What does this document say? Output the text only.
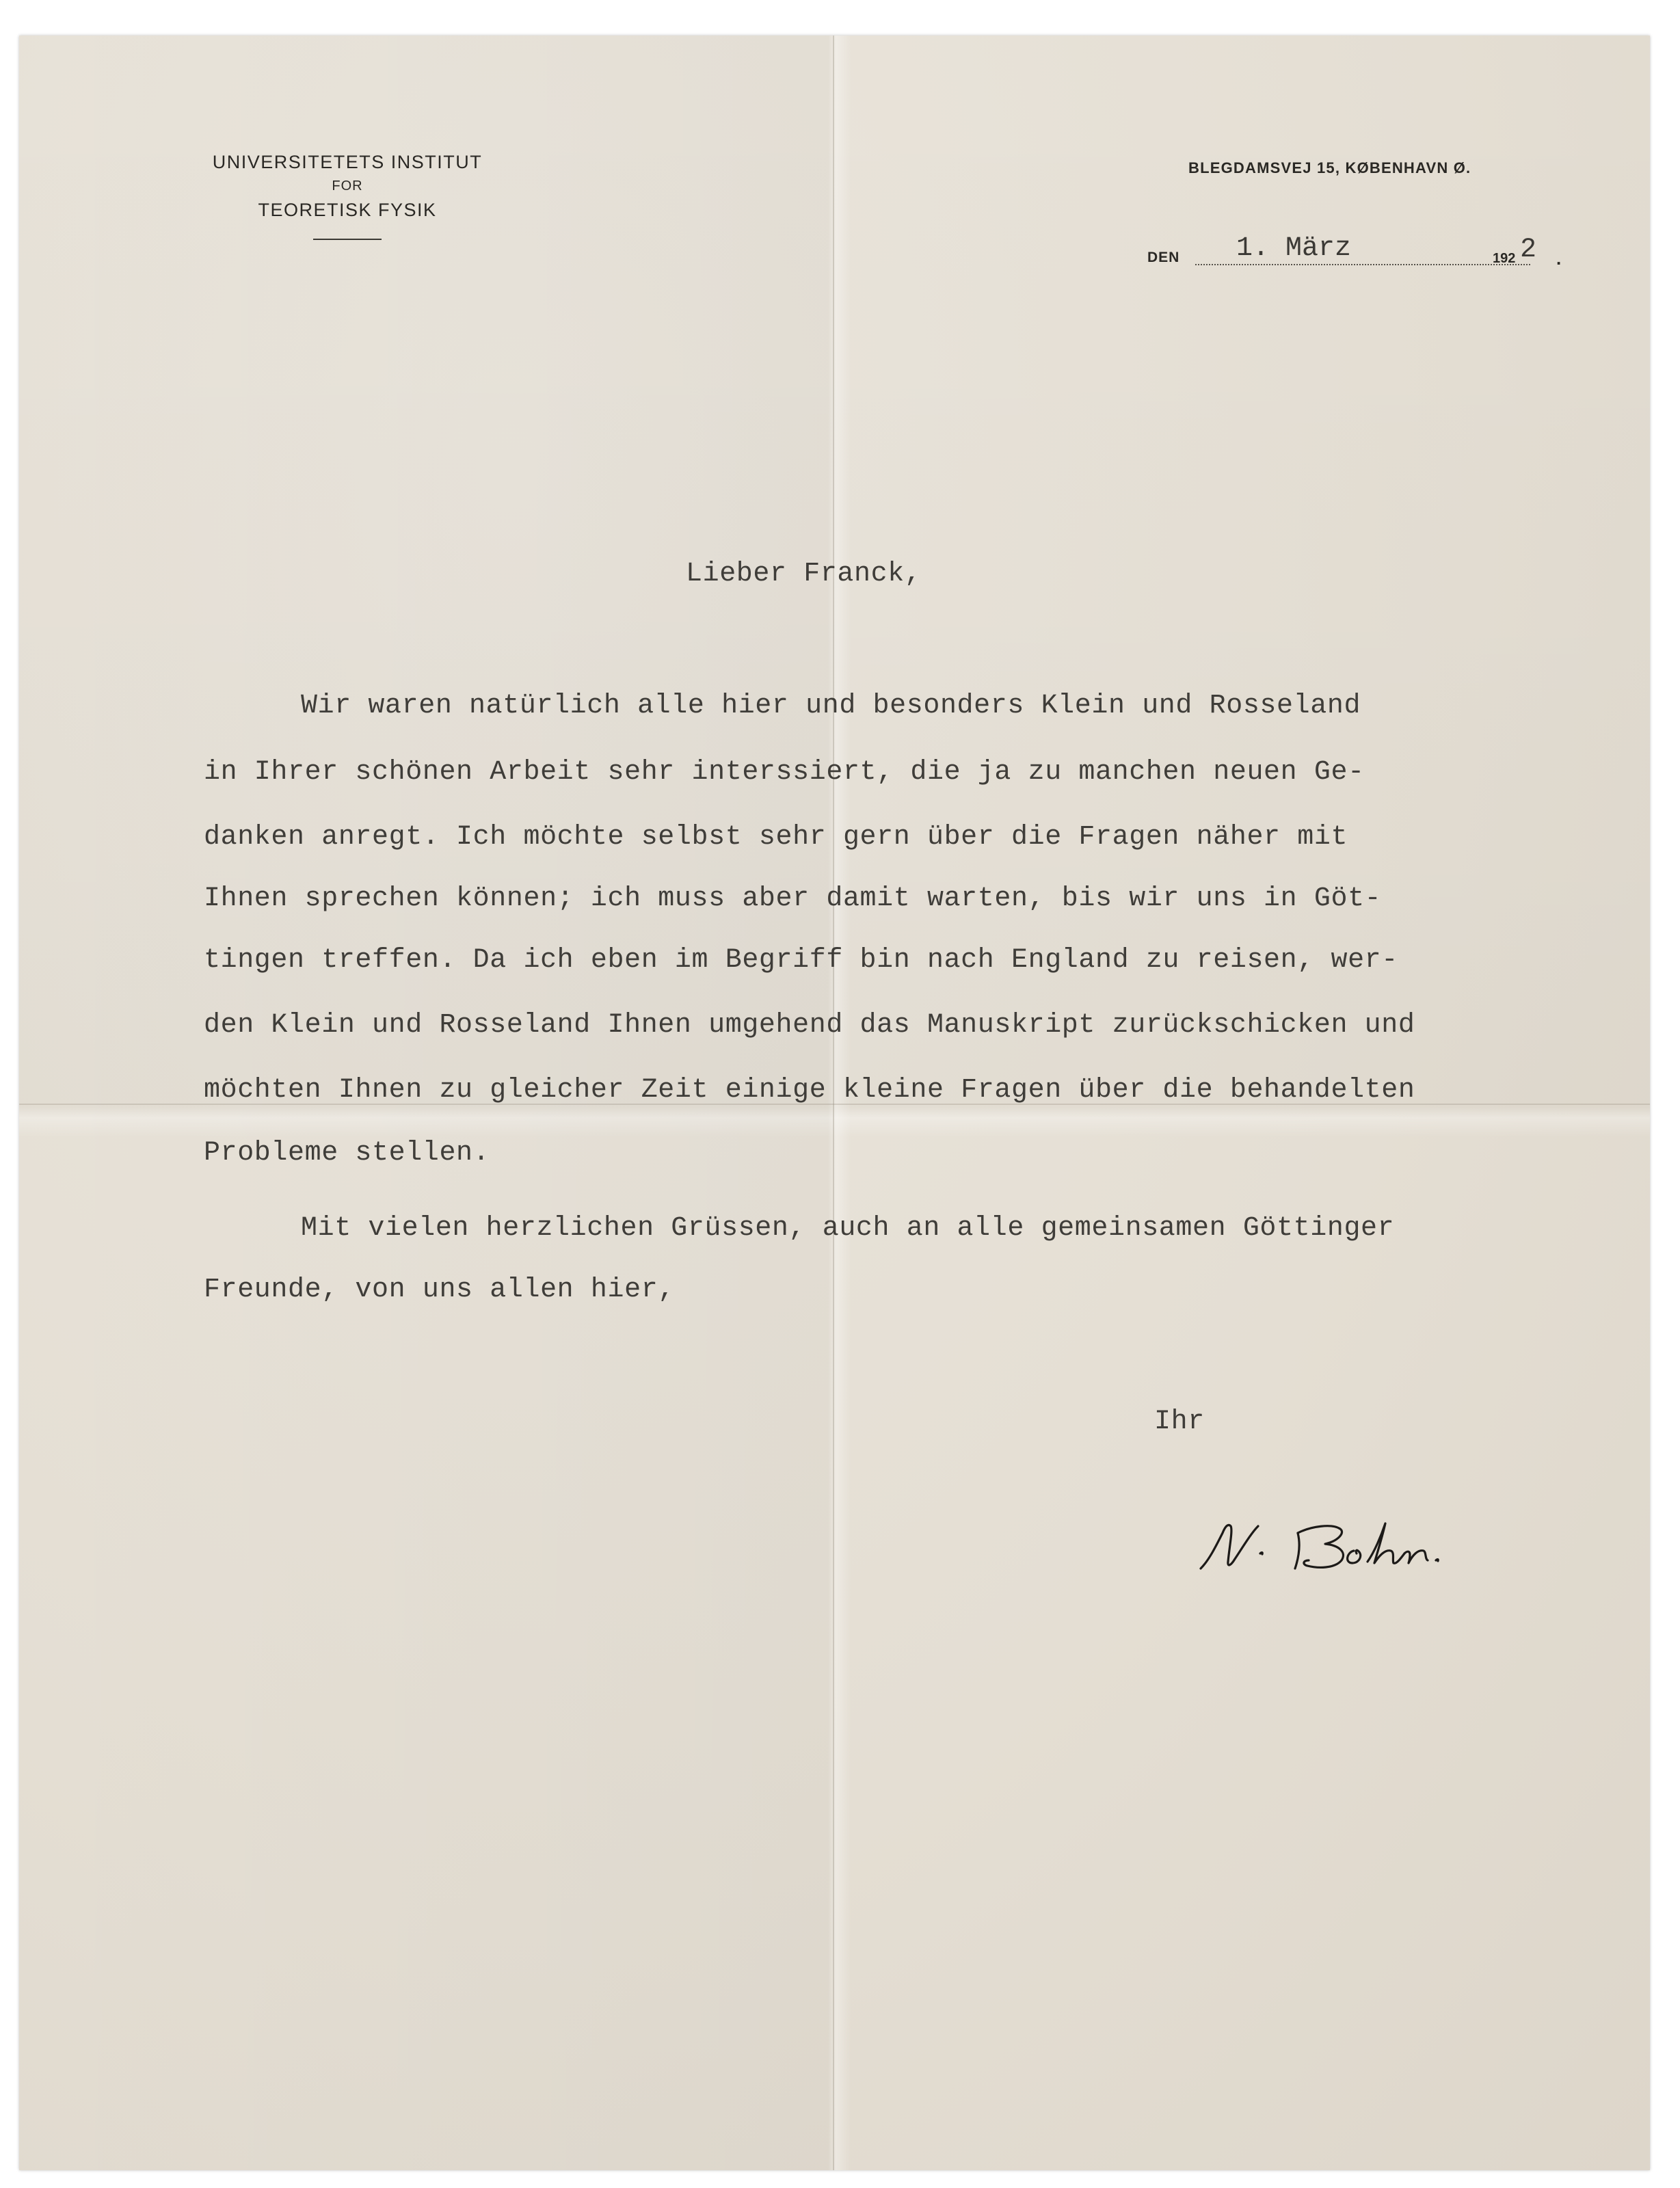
UNIVERSITETETS INSTITUT
FOR
TEORETISK FYSIK
BLEGDAMSVEJ 15, KØBENHAVN Ø.
DEN 1. März	192 2 .
Lieber Franck,
Wir waren natürlich alle hier und besonders Klein und Rosseland
in Ihrer schönen Arbeit sehr interssiert, die ja zu manchen neuen Ge-
danken anregt. Ich möchte selbst sehr gern über die Fragen näher mit
Ihnen sprechen können; ich muss aber damit warten, bis wir uns in Göt-
tingen treffen. Da ich eben im Begriff bin nach England zu reisen, wer-
den Klein und Rosseland Ihnen umgehend das Manuskript zurückschicken und
möchten Ihnen zu gleicher Zeit einige kleine Fragen über die behandelten
Probleme stellen.
Mit vielen herzlichen Grüssen, auch an alle gemeinsamen Göttinger
Freunde, von uns allen hier,
Ihr
